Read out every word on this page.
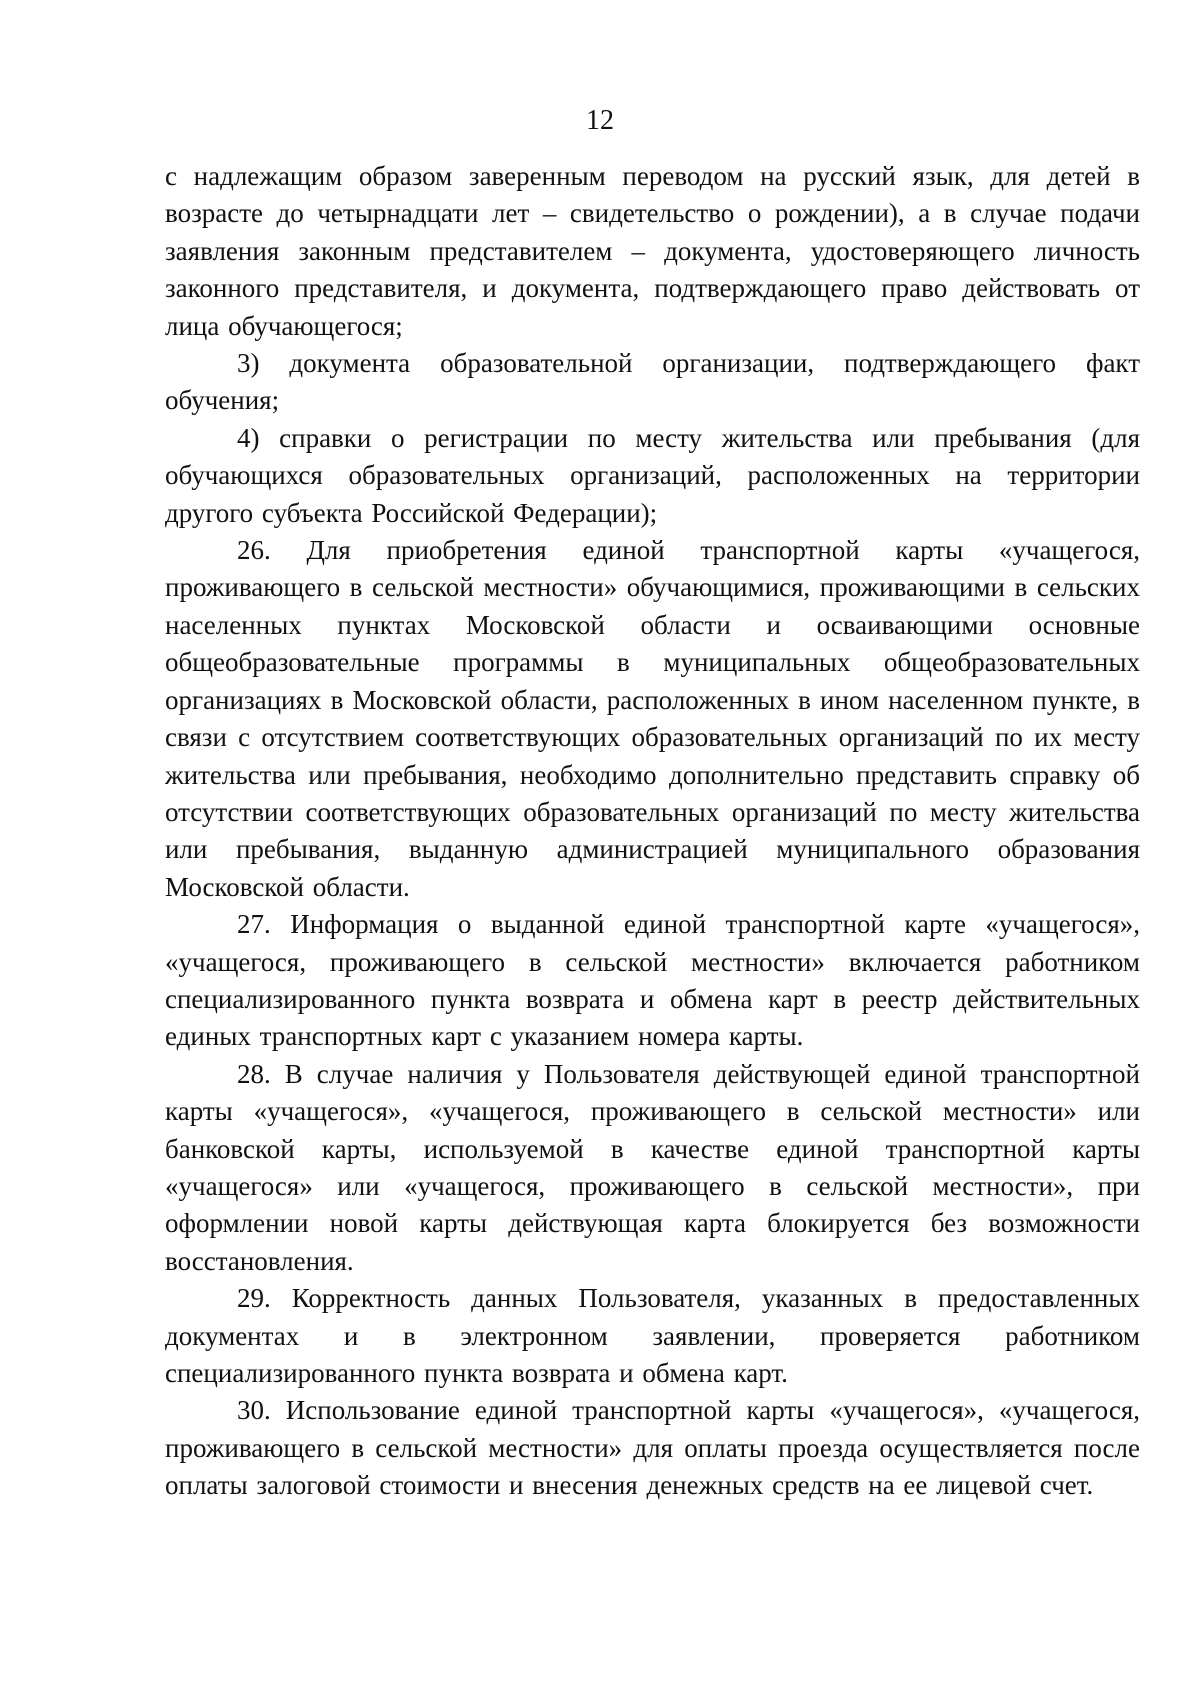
12

с надлежащим образом заверенным переводом на русский язык, для детей в возрасте до четырнадцати лет – свидетельство о рождении), а в случае подачи заявления законным представителем – документа, удостоверяющего личность законного представителя, и документа, подтверждающего право действовать от лица обучающегося;

3) документа образовательной организации, подтверждающего факт обучения;

4) справки о регистрации по месту жительства или пребывания (для обучающихся образовательных организаций, расположенных на территории другого субъекта Российской Федерации);

26. Для приобретения единой транспортной карты «учащегося, проживающего в сельской местности» обучающимися, проживающими в сельских населенных пунктах Московской области и осваивающими основные общеобразовательные программы в муниципальных общеобразовательных организациях в Московской области, расположенных в ином населенном пункте, в связи с отсутствием соответствующих образовательных организаций по их месту жительства или пребывания, необходимо дополнительно представить справку об отсутствии соответствующих образовательных организаций по месту жительства или пребывания, выданную администрацией муниципального образования Московской области.

27. Информация о выданной единой транспортной карте «учащегося», «учащегося, проживающего в сельской местности» включается работником специализированного пункта возврата и обмена карт в реестр действительных единых транспортных карт с указанием номера карты.

28. В случае наличия у Пользователя действующей единой транспортной карты «учащегося», «учащегося, проживающего в сельской местности» или банковской карты, используемой в качестве единой транспортной карты «учащегося» или «учащегося, проживающего в сельской местности», при оформлении новой карты действующая карта блокируется без возможности восстановления.

29. Корректность данных Пользователя, указанных в предоставленных документах и в электронном заявлении, проверяется работником специализированного пункта возврата и обмена карт.

30. Использование единой транспортной карты «учащегося», «учащегося, проживающего в сельской местности» для оплаты проезда осуществляется после оплаты залоговой стоимости и внесения денежных средств на ее лицевой счет.
